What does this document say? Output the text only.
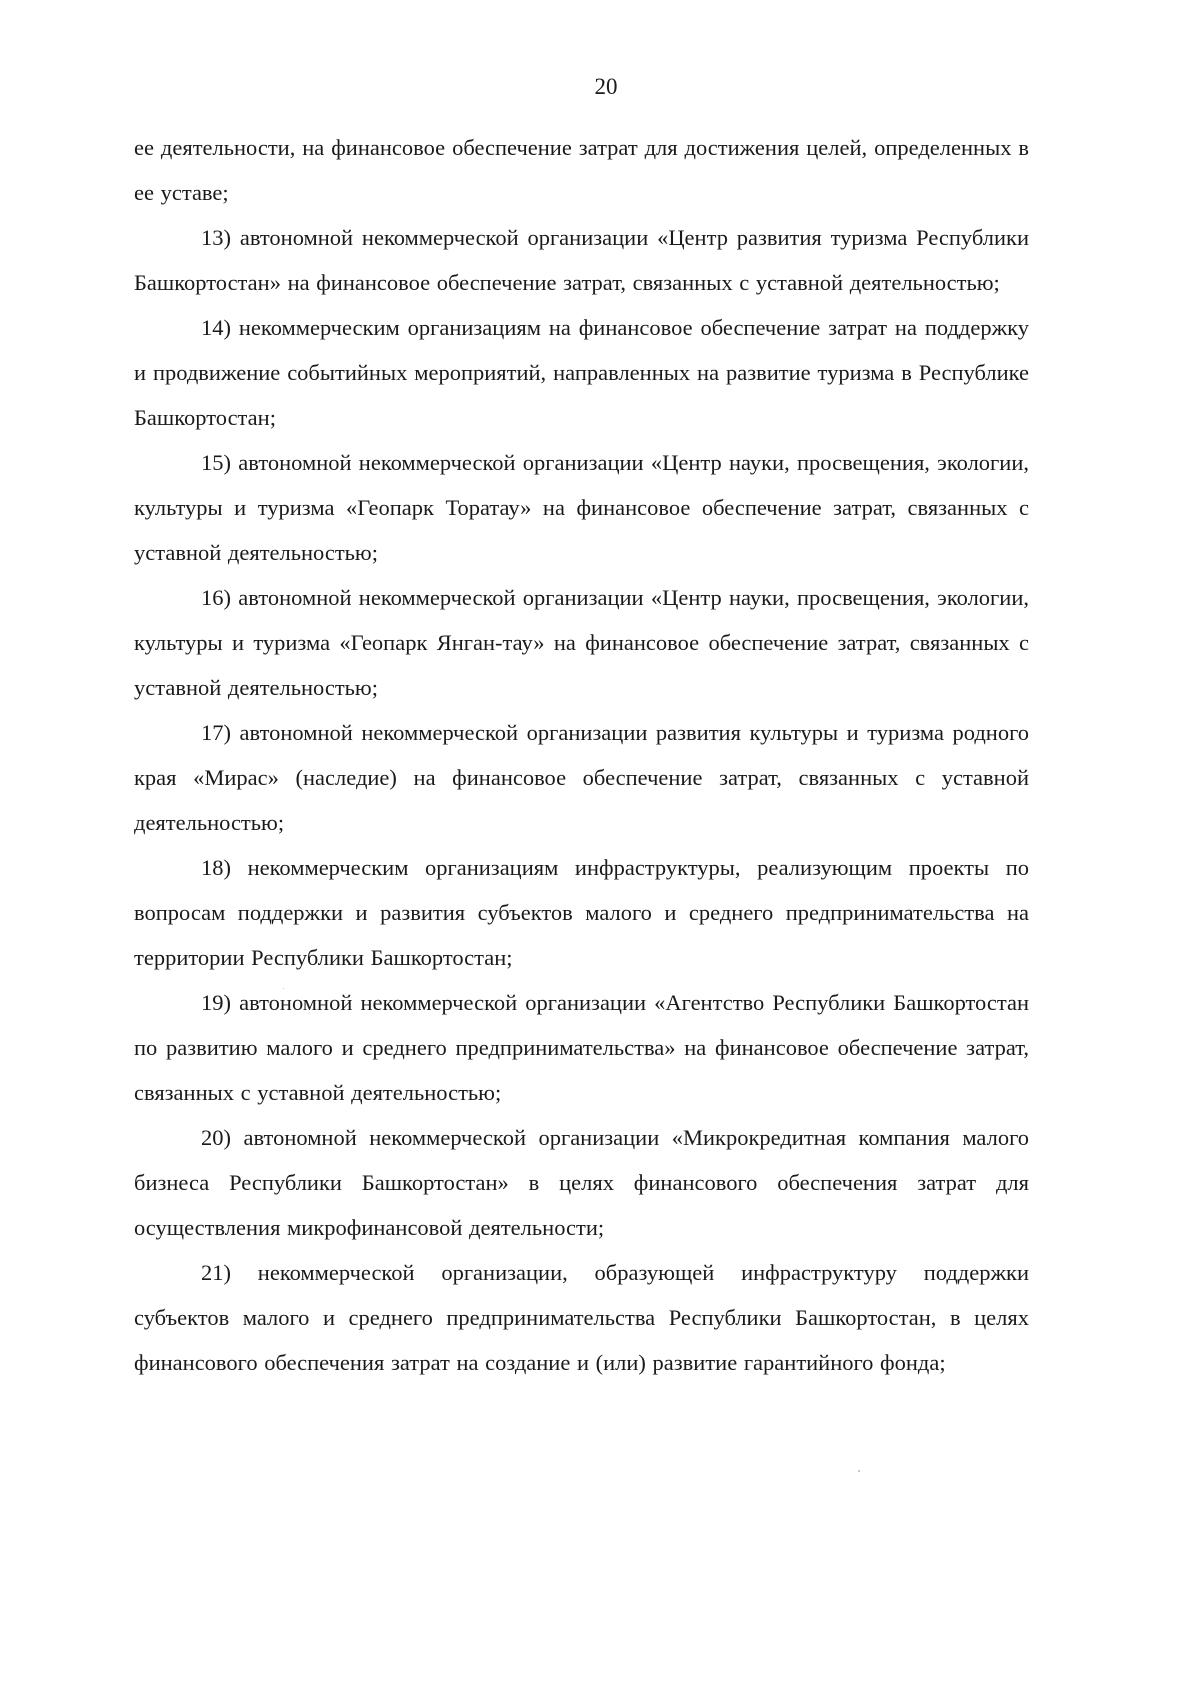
20

ее деятельности, на финансовое обеспечение затрат для достижения целей, определенных в ее уставе;

13) автономной некоммерческой организации «Центр развития туризма Республики Башкортостан» на финансовое обеспечение затрат, связанных с уставной деятельностью;

14) некоммерческим организациям на финансовое обеспечение затрат на поддержку и продвижение событийных мероприятий, направленных на развитие туризма в Республике Башкортостан;

15) автономной некоммерческой организации «Центр науки, просвещения, экологии, культуры и туризма «Геопарк Торатау» на финансовое обеспечение затрат, связанных с уставной деятельностью;

16) автономной некоммерческой организации «Центр науки, просвещения, экологии, культуры и туризма «Геопарк Янган-тау» на финансовое обеспечение затрат, связанных с уставной деятельностью;

17) автономной некоммерческой организации развития культуры и туризма родного края «Мирас» (наследие) на финансовое обеспечение затрат, связанных с уставной деятельностью;

18) некоммерческим организациям инфраструктуры, реализующим проекты по вопросам поддержки и развития субъектов малого и среднего предпринимательства на территории Республики Башкортостан;

19) автономной некоммерческой организации «Агентство Республики Башкортостан по развитию малого и среднего предпринимательства» на финансовое обеспечение затрат, связанных с уставной деятельностью;

20) автономной некоммерческой организации «Микрокредитная компания малого бизнеса Республики Башкортостан» в целях финансового обеспечения затрат для осуществления микрофинансовой деятельности;

21) некоммерческой организации, образующей инфраструктуру поддержки субъектов малого и среднего предпринимательства Республики Башкортостан, в целях финансового обеспечения затрат на создание и (или) развитие гарантийного фонда;
